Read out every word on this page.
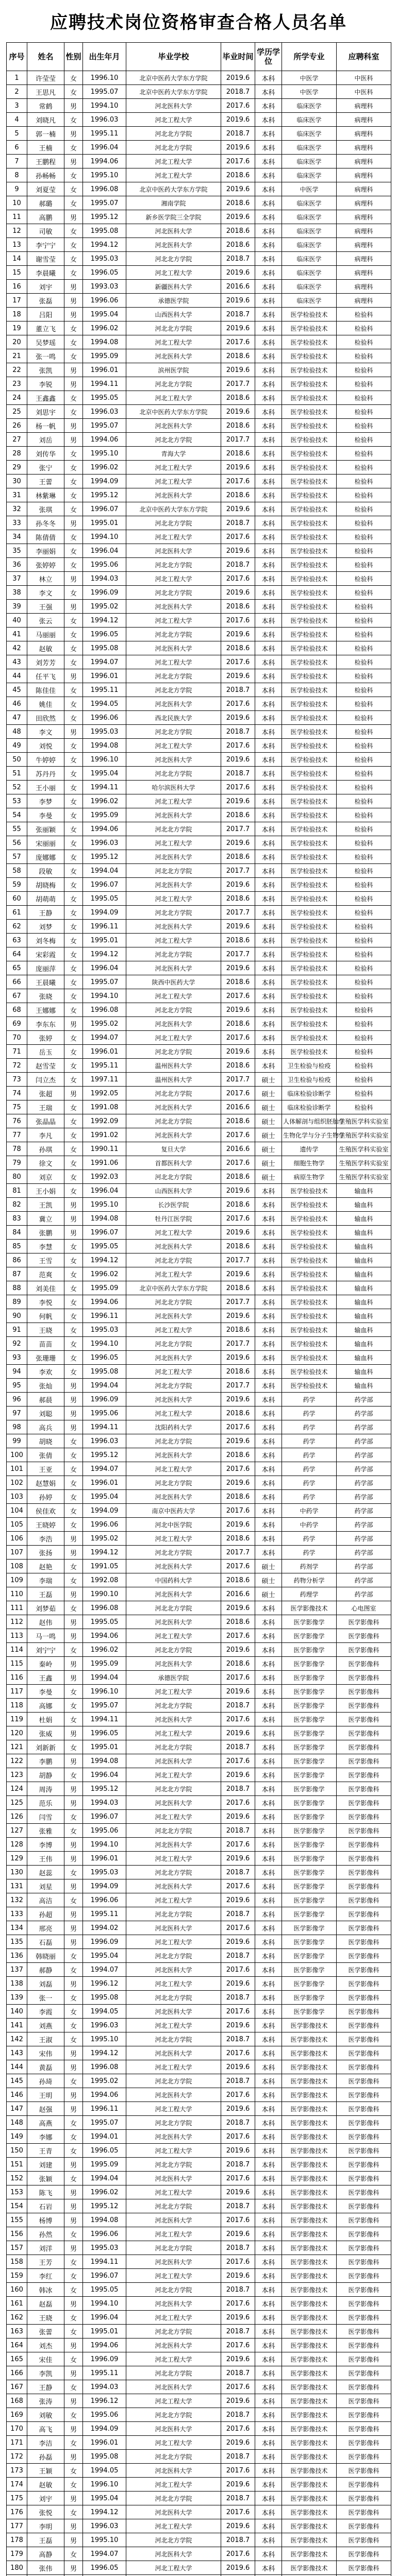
应聘技术岗位资格审查合格人员名单
序号	姓名	性别	出生年月	毕业学校	毕业时间	学历学位	所学专业	应聘科室
1	许莹莹	女	1996.10	北京中医药大学东方学院	2019.6	本科	中医学	中医科
2	王思凡	女	1995.07	北京中医药大学东方学院	2018.7	本科	中医学	中医科
3	常鹤	男	1994.10	河北医科大学	2017.6	本科	临床医学	病理科
4	刘晓凡	女	1996.03	河北工程大学	2019.6	本科	临床医学	病理科
5	郭一楠	男	1995.11	河北北方学院	2018.7	本科	临床医学	病理科
6	王楠	女	1996.04	河北北方学院	2019.6	本科	临床医学	病理科
7	王鹏程	男	1994.06	河北工程大学	2017.6	本科	临床医学	病理科
8	孙畅畅	女	1995.10	河北工程大学	2018.6	本科	临床医学	病理科
9	刘夏莹	女	1996.08	北京中医药大学东方学院	2019.6	本科	中医学	病理科
10	郝璐	女	1995.07	湘南学院	2018.6	本科	临床医学	病理科
11	高鹏	男	1995.12	新乡医学院三全学院	2019.6	本科	临床医学	病理科
12	司敏	女	1995.08	河北医科大学	2018.6	本科	临床医学	病理科
13	李宁宁	女	1994.12	河北医科大学	2018.6	本科	临床医学	病理科
14	谢雪莹	女	1995.03	河北北方学院	2018.7	本科	临床医学	病理科
15	李晨曦	女	1996.05	河北工程大学	2019.6	本科	临床医学	病理科
16	刘宇	男	1993.03	新疆医科大学	2016.6	本科	临床医学	病理科
17	张磊	男	1996.06	承德医学院	2019.6	本科	临床医学	病理科
18	吕阳	男	1995.04	山西医科大学	2018.7	本科	医学检验技术	检验科
19	董立飞	女	1996.02	河北北方学院	2019.6	本科	医学检验技术	检验科
20	吴梦瑶	女	1994.08	河北工程大学	2017.6	本科	医学检验技术	检验科
21	张一鸣	女	1995.09	河北医科大学	2018.6	本科	医学检验技术	检验科
22	张凯	男	1996.01	滨州医学院	2019.6	本科	医学检验技术	检验科
23	李锐	男	1994.11	河北北方学院	2017.7	本科	医学检验技术	检验科
24	王鑫鑫	女	1995.05	河北工程大学	2018.6	本科	医学检验技术	检验科
25	刘思宇	女	1996.03	北京中医药大学东方学院	2019.6	本科	医学检验技术	检验科
26	杨一帆	男	1995.07	河北医科大学	2018.6	本科	医学检验技术	检验科
27	刘岳	男	1994.06	河北北方学院	2017.7	本科	医学检验技术	检验科
28	刘传华	女	1995.10	青海大学	2018.6	本科	医学检验技术	检验科
29	张宁	女	1996.02	河北工程大学	2019.6	本科	医学检验技术	检验科
30	王蕾	女	1994.09	河北工程大学	2017.6	本科	医学检验技术	检验科
31	林紫琳	女	1995.12	河北医科大学	2018.6	本科	医学检验技术	检验科
32	张琪	女	1996.07	北京中医药大学东方学院	2019.6	本科	医学检验技术	检验科
33	孙冬冬	男	1995.01	河北北方学院	2018.7	本科	医学检验技术	检验科
34	陈倩倩	女	1994.10	河北工程大学	2017.6	本科	医学检验技术	检验科
35	李丽娟	女	1996.04	河北医科大学	2019.6	本科	医学检验技术	检验科
36	张婷婷	女	1995.06	河北北方学院	2018.7	本科	医学检验技术	检验科
37	林立	男	1994.03	河北工程大学	2017.6	本科	医学检验技术	检验科
38	李文	女	1996.09	河北北方学院	2019.6	本科	医学检验技术	检验科
39	王强	男	1995.02	河北医科大学	2018.6	本科	医学检验技术	检验科
40	张云	女	1994.12	河北工程大学	2017.6	本科	医学检验技术	检验科
41	马丽丽	女	1996.05	河北北方学院	2019.6	本科	医学检验技术	检验科
42	赵敏	女	1995.08	河北医科大学	2018.6	本科	医学检验技术	检验科
43	刘芳芳	女	1994.07	河北工程大学	2017.6	本科	医学检验技术	检验科
44	任平飞	男	1996.01	河北北方学院	2019.6	本科	医学检验技术	检验科
45	陈佳佳	女	1995.11	河北北方学院	2018.7	本科	医学检验技术	检验科
46	姚佳	女	1994.05	河北医科大学	2017.6	本科	医学检验技术	检验科
47	田欣然	女	1996.06	西北民族大学	2019.6	本科	医学检验技术	检验科
48	李文	男	1995.03	河北北方学院	2018.7	本科	医学检验技术	检验科
49	刘悦	女	1994.08	河北工程大学	2017.6	本科	医学检验技术	检验科
50	牛婷婷	女	1996.10	河北医科大学	2019.6	本科	医学检验技术	检验科
51	苏丹丹	女	1995.04	河北北方学院	2018.7	本科	医学检验技术	检验科
52	王小丽	女	1994.11	哈尔滨医科大学	2017.6	本科	医学检验技术	检验科
53	李梦	女	1996.02	河北工程大学	2019.6	本科	医学检验技术	检验科
54	李曼	女	1995.09	河北医科大学	2018.6	本科	医学检验技术	检验科
55	张丽颖	女	1994.06	河北北方学院	2017.7	本科	医学检验技术	检验科
56	宋丽丽	女	1996.03	河北工程大学	2019.6	本科	医学检验技术	检验科
57	庞娜娜	女	1995.12	河北医科大学	2018.6	本科	医学检验技术	检验科
58	段敏	女	1994.04	河北北方学院	2017.7	本科	医学检验技术	检验科
59	胡晓梅	女	1996.07	河北医科大学	2019.6	本科	医学检验技术	检验科
60	胡萌萌	女	1995.05	河北工程大学	2018.6	本科	医学检验技术	检验科
61	王静	女	1994.09	河北北方学院	2017.7	本科	医学检验技术	检验科
62	刘梦	女	1996.11	河北医科大学	2019.6	本科	医学检验技术	检验科
63	刘冬梅	女	1995.01	河北工程大学	2018.6	本科	医学检验技术	检验科
64	宋彩霞	女	1994.12	河北北方学院	2017.7	本科	医学检验技术	检验科
65	庞丽萍	女	1996.04	河北医科大学	2019.6	本科	医学检验技术	检验科
66	王晨曦	女	1995.07	陕西中医药大学	2018.6	本科	医学检验技术	检验科
67	张晓	女	1994.10	河北工程大学	2017.6	本科	医学检验技术	检验科
68	王娜娜	女	1996.08	河北北方学院	2019.6	本科	医学检验技术	检验科
69	李东东	男	1995.02	河北医科大学	2018.6	本科	医学检验技术	检验科
70	张婷	女	1994.07	河北工程大学	2017.6	本科	医学检验技术	检验科
71	岳玉	女	1996.01	河北北方学院	2019.6	本科	医学检验技术	检验科
72	赵雪莹	女	1995.11	温州医科大学	2018.6	本科	卫生检验与检疫	检验科
73	闫立杰	女	1997.11	温州医科大学	2017.7	硕士	卫生检验与检疫	检验科
74	张超	男	1992.05	河北北方学院	2017.6	硕士	临床检验诊断学	检验科
75	王瑞	女	1991.08	河北医科大学	2016.6	硕士	临床检验诊断学	检验科
76	张晶晶	女	1992.09	河北北方学院	2018.6	硕士	人体解剖与组织胚胎学	生殖医学科实验室
77	李凡	女	1991.02	河北医科大学	2017.6	硕士	生物化学与分子生物学	生殖医学科实验室
78	孙琪	女	1990.11	复旦大学	2016.6	硕士	遗传学	生殖医学科实验室
79	徐文	女	1991.06	首都医科大学	2017.6	硕士	细胞生物学	生殖医学科实验室
80	刘京	女	1992.03	河北北方学院	2018.6	硕士	病原生物学	生殖医学科实验室
81	王小娟	女	1996.04	山西医科大学	2019.6	本科	医学检验技术	输血科
82	王凯	男	1995.10	长沙医学院	2018.6	本科	医学检验技术	输血科
83	冀立	男	1994.08	牡丹江医学院	2017.6	本科	医学检验技术	输血科
84	张鹏	男	1996.07	河北工程大学	2019.6	本科	医学检验技术	输血科
85	李慧	女	1995.05	河北医科大学	2018.6	本科	医学检验技术	输血科
86	王雪	女	1994.12	河北北方学院	2017.7	本科	医学检验技术	输血科
87	范爽	女	1996.02	河北工程大学	2019.6	本科	医学检验技术	输血科
88	刘美佳	女	1995.09	北京中医药大学东方学院	2018.6	本科	医学检验技术	输血科
89	李悦	女	1994.06	河北北方学院	2017.7	本科	医学检验技术	输血科
90	何帆	女	1996.11	河北医科大学	2019.6	本科	医学检验技术	输血科
91	王晓	女	1995.03	河北工程大学	2018.6	本科	医学检验技术	输血科
92	苗苗	女	1994.10	河北北方学院	2017.7	本科	医学检验技术	输血科
93	张珊珊	女	1996.05	河北医科大学	2019.6	本科	医学检验技术	输血科
94	李欢	女	1995.08	河北工程大学	2018.6	本科	医学检验技术	输血科
95	张灿	男	1994.04	河北北方学院	2017.7	本科	医学检验技术	输血科
96	郝晨	男	1996.09	河北医科大学	2019.6	本科	药学	药学部
97	刘聪	男	1995.06	河北工程大学	2018.6	本科	药学	药学部
98	高兵	男	1994.11	沈阳药科大学	2017.6	本科	药学	药学部
99	胡晓	女	1996.03	河北北方学院	2019.6	本科	药学	药学部
100	张倩	女	1995.12	河北医科大学	2018.6	本科	药学	药学部
101	王亚	女	1994.07	河北工程大学	2017.6	本科	药学	药学部
102	赵慧娟	女	1996.01	河北北方学院	2019.6	本科	药学	药学部
103	孙婷	女	1995.04	河北医科大学	2018.6	本科	药学	药学部
104	侯佳欢	女	1994.09	南京中医药大学	2017.6	本科	中药学	药学部
105	王晓婷	女	1996.06	河北中医学院	2019.6	本科	中药学	药学部
106	李浩	男	1995.02	河北工程大学	2018.6	本科	药学	药学部
107	张扬	男	1994.12	河北北方学院	2017.7	本科	药学	药学部
108	赵艳	女	1991.05	河北医科大学	2017.6	硕士	药剂学	药学部
109	李瑞	女	1992.08	中国药科大学	2018.6	硕士	药物分析学	药学部
110	王磊	男	1990.10	河北医科大学	2016.6	硕士	药理学	药学部
111	刘梦茹	女	1996.08	河北北方学院	2019.6	本科	医学影像技术	心电图室
112	赵伟	男	1995.05	河北医科大学	2018.6	本科	医学影像学	医学影像科
113	马一鸣	男	1994.06	河北工程大学	2017.6	本科	医学影像学	医学影像科
114	刘宁宁	女	1996.02	河北北方学院	2019.6	本科	医学影像学	医学影像科
115	秦岭	男	1995.09	河北医科大学	2018.6	本科	医学影像学	医学影像科
116	王鑫	男	1994.04	承德医学院	2017.6	本科	医学影像学	医学影像科
117	李曼	女	1996.10	河北工程大学	2019.6	本科	医学影像学	医学影像科
118	高娜	女	1995.07	河北北方学院	2018.7	本科	医学影像学	医学影像科
119	杜娟	女	1994.11	河北医科大学	2017.6	本科	医学影像学	医学影像科
120	张威	男	1996.05	河北工程大学	2019.6	本科	医学影像学	医学影像科
121	刘新新	女	1995.01	河北北方学院	2018.7	本科	医学影像学	医学影像科
122	李鹏	男	1994.08	河北医科大学	2017.6	本科	医学影像学	医学影像科
123	胡静	女	1996.04	河北工程大学	2019.6	本科	医学影像学	医学影像科
124	周涛	男	1995.12	河北北方学院	2018.7	本科	医学影像学	医学影像科
125	范乐	男	1994.03	河北医科大学	2017.6	本科	医学影像学	医学影像科
126	闫雪	女	1996.07	河北工程大学	2019.6	本科	医学影像学	医学影像科
127	张雅	女	1995.06	河北北方学院	2018.7	本科	医学影像学	医学影像科
128	李博	男	1994.10	河北医科大学	2017.6	本科	医学影像学	医学影像科
129	王伟	男	1996.01	河北工程大学	2019.6	本科	医学影像学	医学影像科
130	赵蕊	女	1995.03	河北北方学院	2018.7	本科	医学影像学	医学影像科
131	刘星	男	1994.09	河北医科大学	2017.6	本科	医学影像学	医学影像科
132	高洁	女	1996.06	河北工程大学	2019.6	本科	医学影像学	医学影像科
133	孙超	男	1995.11	河北北方学院	2018.7	本科	医学影像学	医学影像科
134	邢亮	男	1994.02	河北医科大学	2017.6	本科	医学影像学	医学影像科
135	石磊	男	1996.09	河北工程大学	2019.6	本科	医学影像学	医学影像科
136	韩晓丽	女	1995.04	河北北方学院	2018.7	本科	医学影像学	医学影像科
137	郝静	女	1994.07	河北医科大学	2017.6	本科	医学影像学	医学影像科
138	刘磊	男	1996.12	河北工程大学	2019.6	本科	医学影像学	医学影像科
139	张一	女	1995.08	河北北方学院	2018.7	本科	医学影像学	医学影像科
140	李霞	女	1994.05	河北医科大学	2017.6	本科	医学影像学	医学影像科
141	刘燕	女	1996.03	河北工程大学	2019.6	本科	医学影像技术	医学影像科
142	王淑	女	1995.10	河北北方学院	2018.7	本科	医学影像技术	医学影像科
143	宋伟	男	1994.12	河北医科大学	2017.6	本科	医学影像技术	医学影像科
144	黄磊	男	1996.08	河北工程大学	2019.6	本科	医学影像技术	医学影像科
145	孙琦	女	1995.02	河北北方学院	2018.7	本科	医学影像技术	医学影像科
146	王明	男	1994.06	河北医科大学	2017.6	本科	医学影像技术	医学影像科
147	赵强	男	1996.11	河北工程大学	2019.6	本科	医学影像技术	医学影像科
148	高燕	女	1995.07	河北北方学院	2018.7	本科	医学影像技术	医学影像科
149	李娜	女	1994.01	河北医科大学	2017.6	本科	医学影像技术	医学影像科
150	王青	女	1996.05	河北工程大学	2019.6	本科	医学影像技术	医学影像科
151	刘建	男	1995.09	河北北方学院	2018.7	本科	医学影像技术	医学影像科
152	张颖	女	1994.04	河北医科大学	2017.6	本科	医学影像技术	医学影像科
153	陈飞	男	1996.02	河北工程大学	2019.6	本科	医学影像技术	医学影像科
154	石岩	男	1995.12	河北北方学院	2018.7	本科	医学影像技术	医学影像科
155	杨博	男	1994.08	河北医科大学	2017.6	本科	医学影像技术	医学影像科
156	孙然	女	1996.06	河北工程大学	2019.6	本科	医学影像技术	医学影像科
157	刘洋	男	1995.03	河北北方学院	2018.7	本科	医学影像技术	医学影像科
158	王芳	女	1994.11	河北医科大学	2017.6	本科	医学影像技术	医学影像科
159	李红	女	1996.07	河北工程大学	2019.6	本科	医学影像技术	医学影像科
160	韩冰	女	1995.05	河北北方学院	2018.7	本科	医学影像技术	医学影像科
161	赵磊	男	1994.10	河北医科大学	2017.6	本科	医学影像技术	医学影像科
162	王晓	女	1996.04	河北工程大学	2019.6	本科	医学影像技术	医学影像科
163	张蕾	女	1995.01	河北北方学院	2018.7	本科	医学影像技术	医学影像科
164	刘杰	男	1994.06	河北医科大学	2017.6	本科	医学影像技术	医学影像科
165	宋佳	女	1996.09	河北工程大学	2019.6	本科	医学影像技术	医学影像科
166	李凯	男	1995.11	河北北方学院	2018.7	本科	医学影像技术	医学影像科
167	王静	女	1994.03	河北医科大学	2017.6	本科	医学影像技术	医学影像科
168	张涛	男	1996.12	河北工程大学	2019.6	本科	医学影像技术	医学影像科
169	刘敏	女	1995.06	河北北方学院	2018.7	本科	医学影像技术	医学影像科
170	高飞	男	1994.09	河北医科大学	2017.6	本科	医学影像技术	医学影像科
171	李洁	女	1996.01	河北工程大学	2019.6	本科	医学影像技术	医学影像科
172	孙磊	男	1995.08	河北北方学院	2018.7	本科	医学影像技术	医学影像科
173	王颖	女	1994.05	河北医科大学	2017.6	本科	医学影像技术	医学影像科
174	赵敏	女	1996.10	河北工程大学	2019.6	本科	医学影像技术	医学影像科
175	刘宇	男	1995.04	河北北方学院	2018.7	本科	医学影像技术	医学影像科
176	张悦	女	1994.12	河北医科大学	2017.6	本科	医学影像技术	医学影像科
177	李明	男	1996.03	河北工程大学	2019.6	本科	医学影像技术	医学影像科
178	王磊	男	1995.10	河北北方学院	2018.7	本科	医学影像技术	医学影像科
179	高静	女	1994.07	河北医科大学	2017.6	本科	医学影像技术	医学影像科
180	张伟	男	1996.05	河北工程大学	2019.6	本科	医学影像技术	医学影像科
